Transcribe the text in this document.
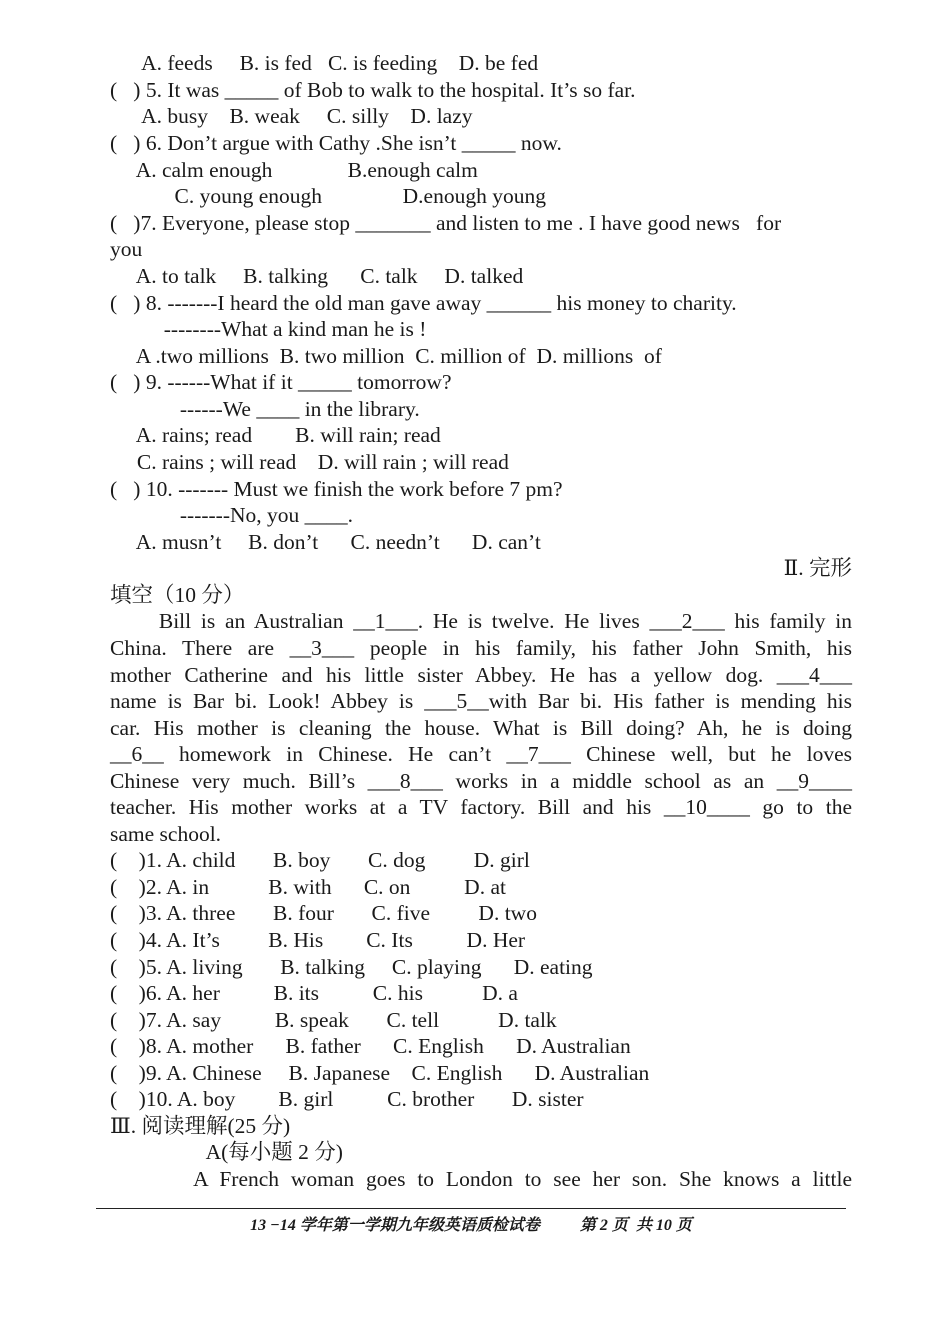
A. feeds     B. is fed   C. is feeding    D. be fed
(   ) 5. It was _____ of Bob to walk to the hospital. It’s so far.
A. busy    B. weak     C. silly    D. lazy
(   ) 6. Don’t argue with Cathy .She isn’t _____ now.
A. calm enough              B.enough calm
C. young enough               D.enough young
(   )7. Everyone, please stop _______ and listen to me . I have good news   for
you
A. to talk     B. talking      C. talk     D. talked
(   ) 8. -------I heard the old man gave away ______ his money to charity.
--------What a kind man he is !
A .two millions  B. two million  C. million of  D. millions  of
(   ) 9. ------What if it _____ tomorrow?
------We ____ in the library.
A. rains; read        B. will rain; read
C. rains ; will read    D. will rain ; will read
(   ) 10. ------- Must we finish the work before 7 pm?
-------No, you ____.
A. musn’t     B. don’t      C. needn’t      D. can’t
Ⅱ. 完形
填空（10 分）
Bill is an Australian __1___. He is twelve. He lives ___2___ his family in
China. There are __3___ people in his family, his father John Smith, his
mother Catherine and his little sister Abbey. He has a yellow dog. ___4___
name is Bar bi. Look! Abbey is ___5__with Bar bi. His father is mending his
car. His mother is cleaning the house. What is Bill doing? Ah, he is doing
__6__ homework in Chinese. He can’t __7___ Chinese well, but he loves
Chinese very much. Bill’s ___8___ works in a middle school as an __9____
teacher. His mother works at a TV factory. Bill and his __10____ go to the
same school.
(    )1. A. child       B. boy       C. dog         D. girl
(    )2. A. in           B. with      C. on          D. at
(    )3. A. three       B. four       C. five         D. two
(    )4. A. It’s         B. His        C. Its          D. Her
(    )5. A. living       B. talking     C. playing      D. eating
(    )6. A. her          B. its          C. his           D. a
(    )7. A. say          B. speak       C. tell           D. talk
(    )8. A. mother      B. father      C. English      D. Australian
(    )9. A. Chinese     B. Japanese    C. English      D. Australian
(    )10. A. boy        B. girl          C. brother       D. sister
Ⅲ. 阅读理解(25 分)
A(每小题 2 分)
A French woman goes to London to see her son. She knows a little
13 −14 学年第一学期九年级英语质检试卷          第 2 页  共 10 页
